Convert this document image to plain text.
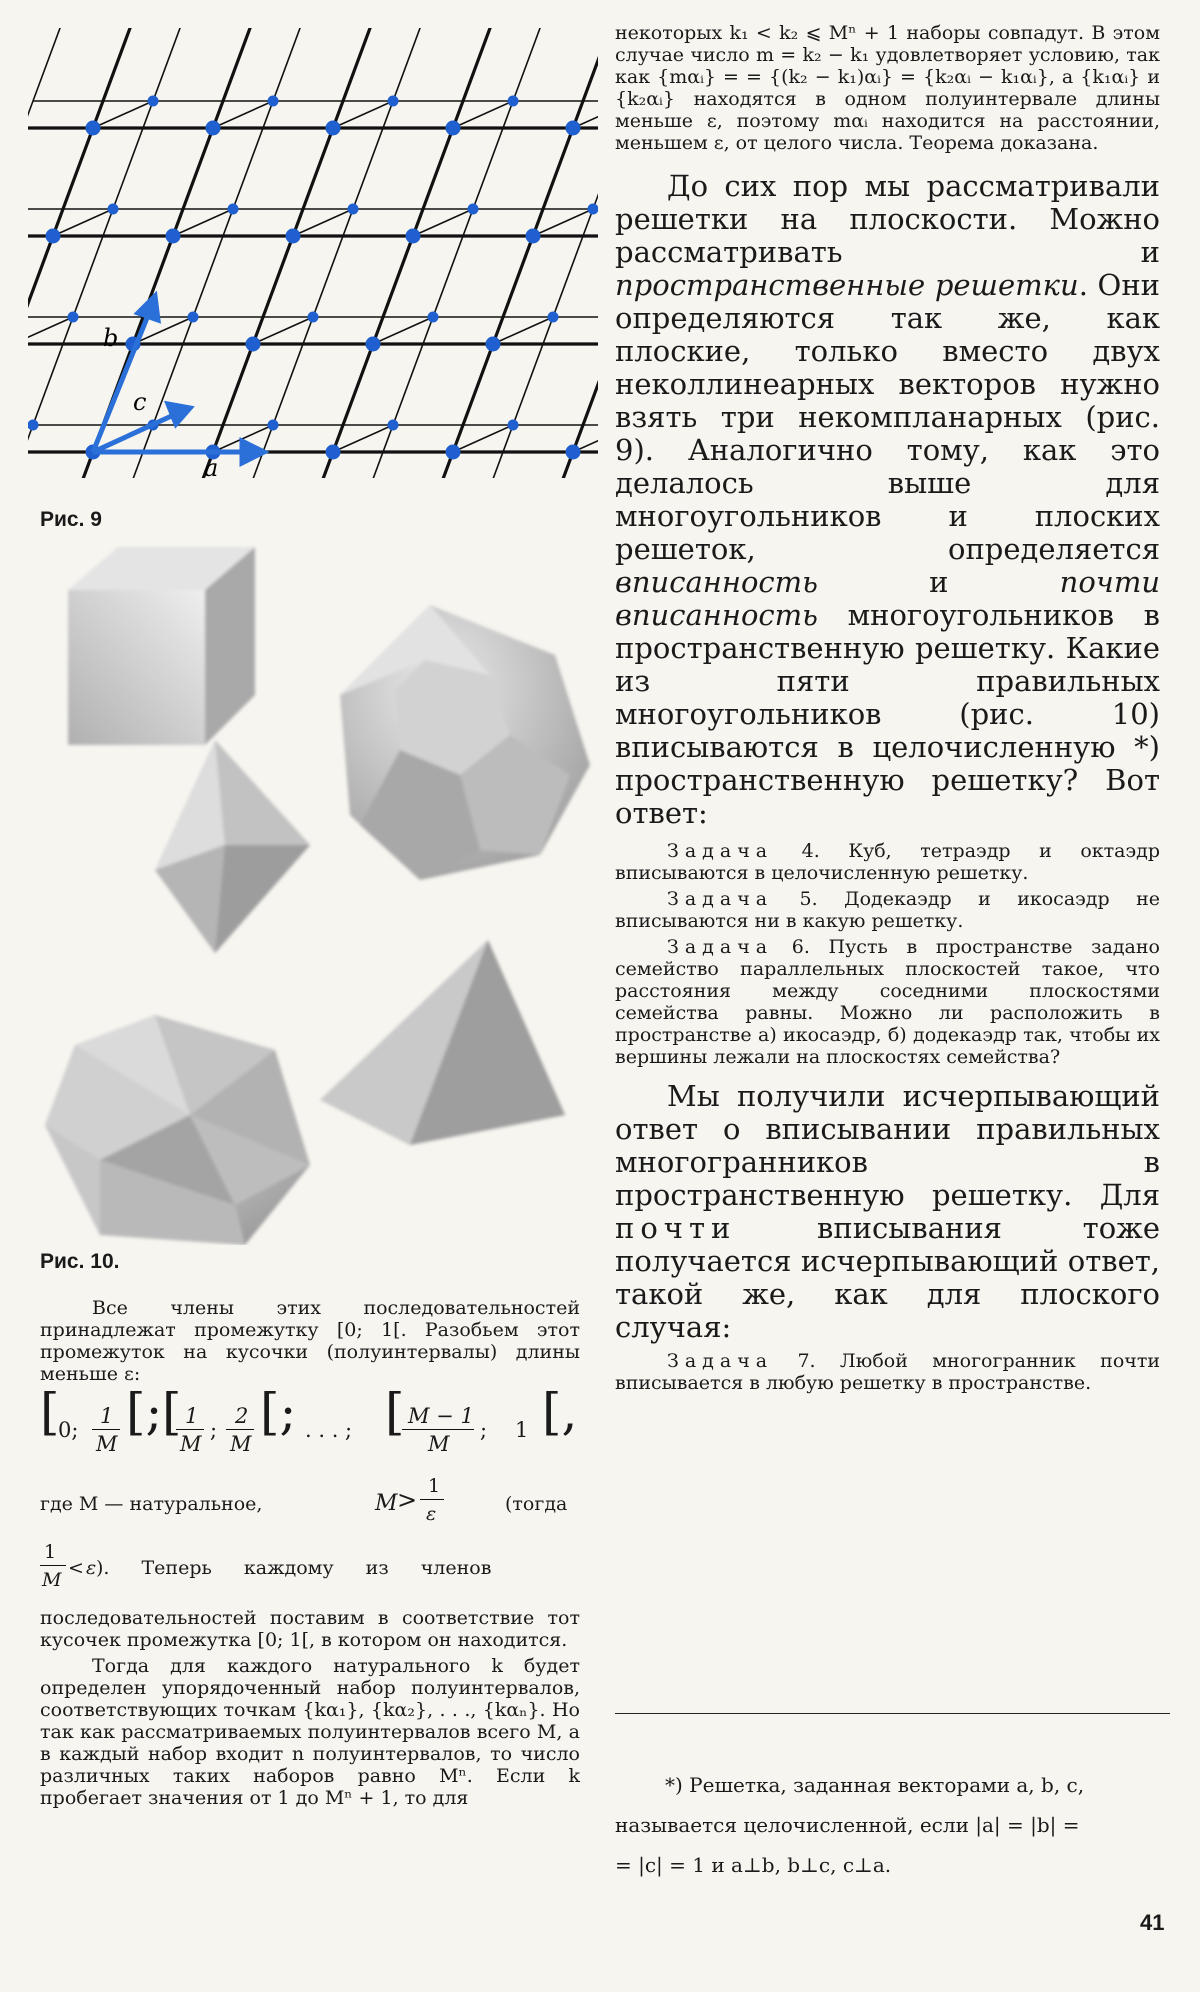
a
b
c
Рис. 9
Рис. 10.

Все члены этих последовательностей принадлежат промежутку [0; 1[. Разобьем этот промежуток на кусочки (полуинтервалы) длины меньше ε:

[
0;
1
M
[; [ 1
M
;
2
M
[; . . . ; [ M − 1
M
; 1 [,
где M — натуральное,	M > 1
ε	(тогда
1
M
< ε ). Теперь каждому из членов

последовательностей поставим в соответствие тот кусочек промежутка [0; 1[, в котором он находится.

Тогда для каждого натурального k будет определен упорядоченный набор полуинтервалов, соответствующих точкам {kα₁}, {kα₂}, . . ., {kαₙ}. Но так как рассматриваемых полуинтервалов всего M, а в каждый набор входит n полуинтервалов, то число различных таких наборов равно Mⁿ. Если k пробегает значения от 1 до Mⁿ + 1, то для

некоторых k₁ < k₂ ⩽ Mⁿ + 1 наборы совпадут. В этом случае число m = k₂ − k₁ удовлетворяет условию, так как {mαᵢ} = = {(k₂ − k₁)αᵢ} = {k₂αᵢ − k₁αᵢ}, а {k₁αᵢ} и {k₂αᵢ} находятся в одном полуинтервале длины меньше ε, поэтому mαᵢ находится на расстоянии, меньшем ε, от целого числа. Теорема доказана.

До сих пор мы рассматривали решетки на плоскости. Можно рассматривать и пространственные решетки. Они определяются так же, как плоские, только вместо двух неколлинеарных векторов нужно взять три некомпланарных (рис. 9). Аналогично тому, как это делалось выше для многоугольников и плоских решеток, определяется вписанность и почти вписанность многоугольников в пространственную решетку. Какие из пяти правильных многоугольников (рис. 10) вписываются в целочисленную *) пространственную решетку? Вот ответ:

Задача 4. Куб, тетраэдр и октаэдр вписываются в целочисленную решетку.

Задача 5. Додекаэдр и икосаэдр не вписываются ни в какую решетку.

Задача 6. Пусть в пространстве задано семейство параллельных плоскостей такое, что расстояния между соседними плоскостями семейства равны. Можно ли расположить в пространстве а) икосаэдр, б) додекаэдр так, чтобы их вершины лежали на плоскостях семейства?

Мы получили исчерпывающий ответ о вписывании правильных многогранников в пространственную решетку. Для почти вписывания тоже получается исчерпывающий ответ, такой же, как для плоского случая:

Задача 7. Любой многогранник почти вписывается в любую решетку в пространстве.

*) Решетка, заданная векторами a, b, c,

называется целочисленной, если |a| = |b| =

= |c| = 1 и a⊥b, b⊥c, c⊥a.

41
